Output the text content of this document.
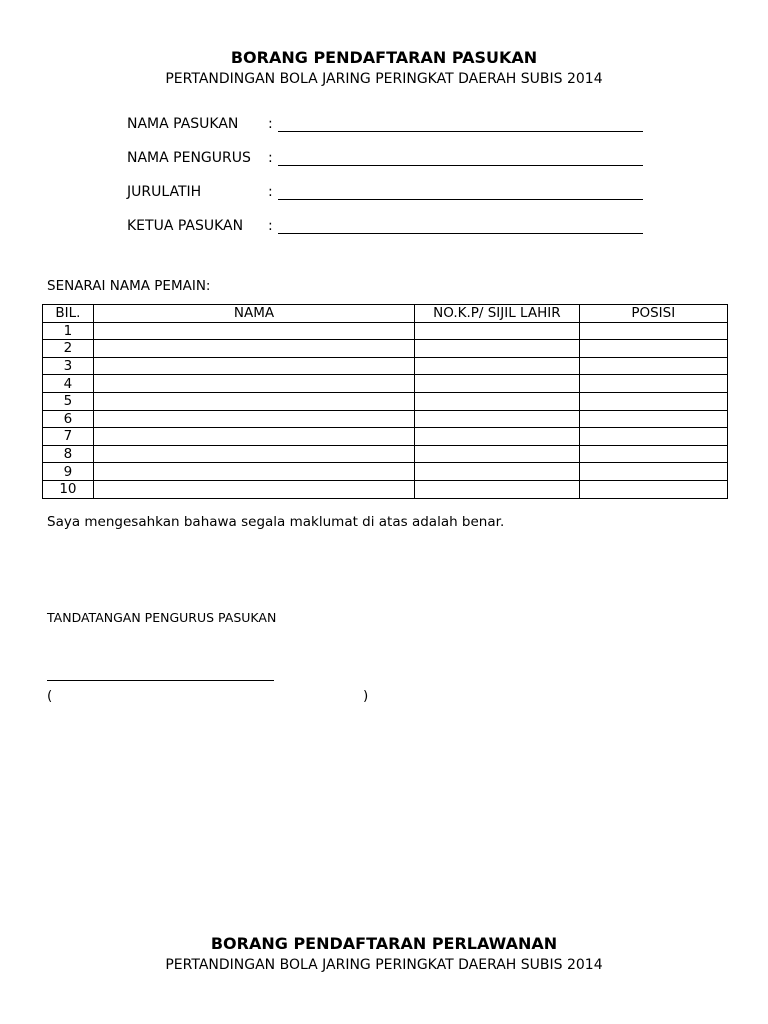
BORANG PENDAFTARAN PASUKAN
PERTANDINGAN BOLA JARING PERINGKAT DAERAH SUBIS 2014
NAMA PASUKAN :
NAMA PENGURUS :
JURULATIH	:
KETUA PASUKAN :
SENARAI NAMA PEMAIN:
BIL.	NAMA	NO.K.P/ SIJIL LAHIR	POSISI
1			
2			
3			
4			
5			
6			
7			
8			
9			
10			
Saya mengesahkan bahawa segala maklumat di atas adalah benar.
TANDATANGAN PENGURUS PASUKAN
(	)
BORANG PENDAFTARAN PERLAWANAN
PERTANDINGAN BOLA JARING PERINGKAT DAERAH SUBIS 2014
